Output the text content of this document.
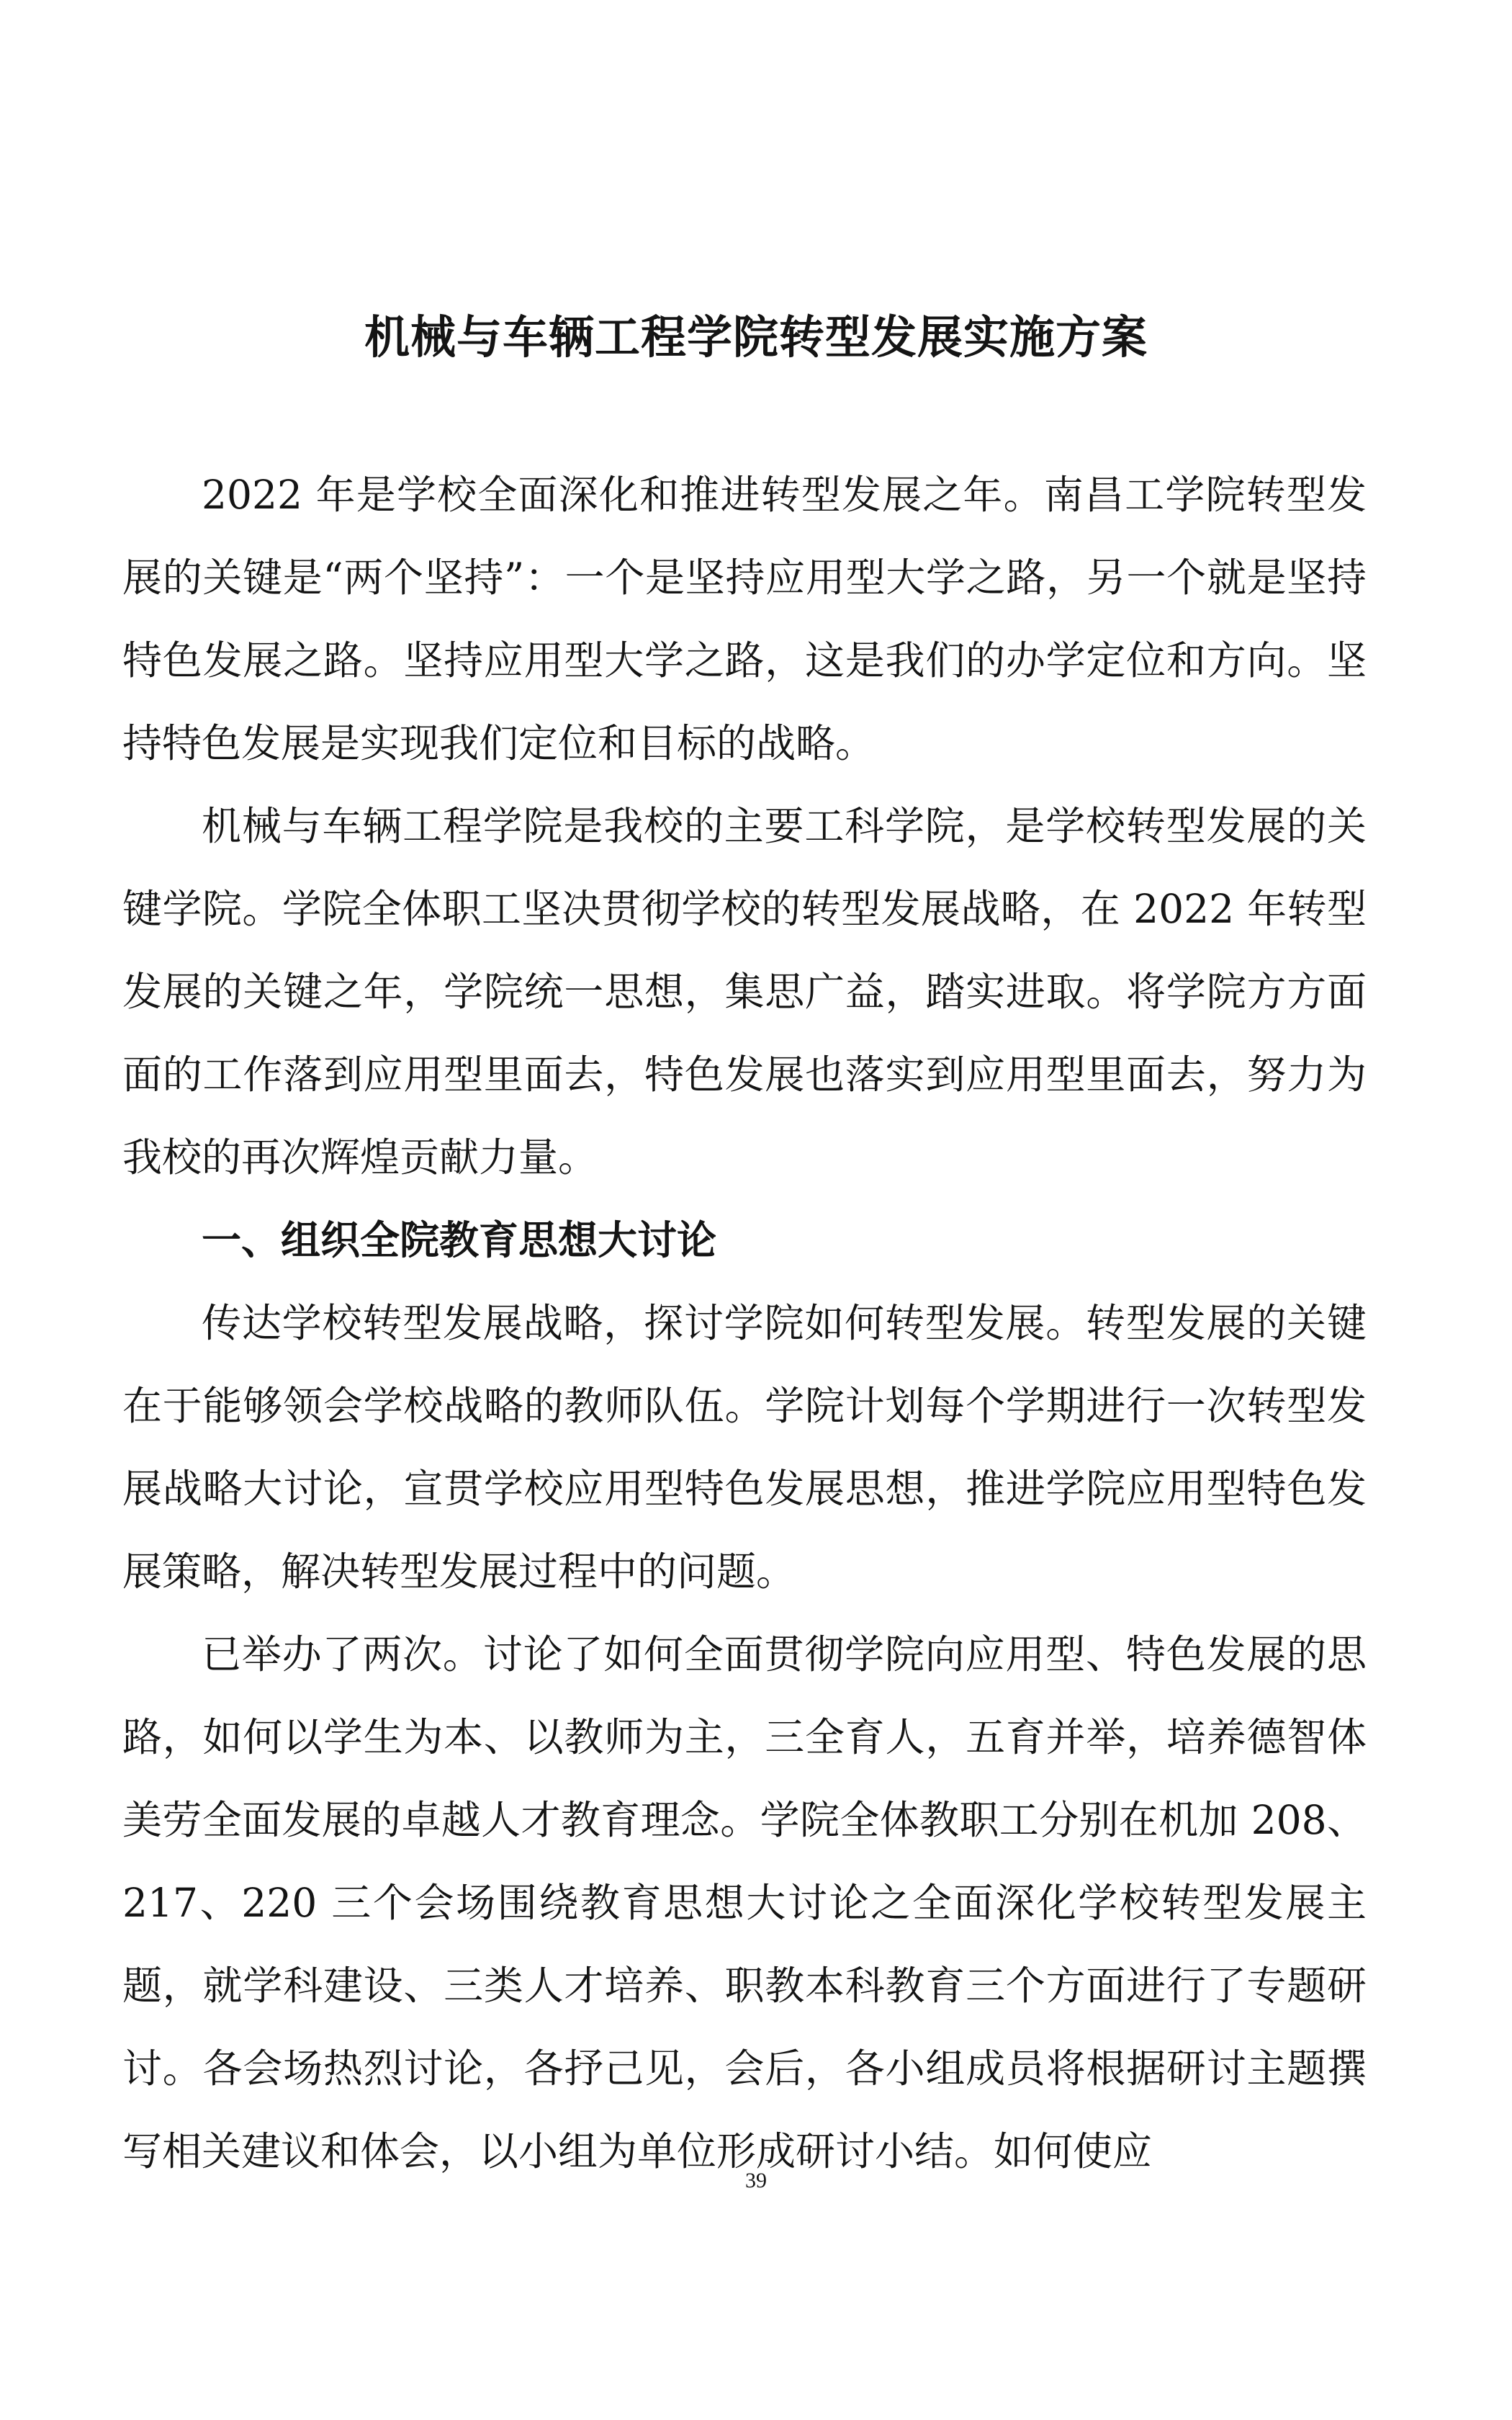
机械与车辆工程学院转型发展实施方案

2022 年是学校全面深化和推进转型发展之年。南昌工学院转型发展的关键是“两个坚持”：一个是坚持应用型大学之路，另一个就是坚持特色发展之路。坚持应用型大学之路，这是我们的办学定位和方向。坚持特色发展是实现我们定位和目标的战略。

机械与车辆工程学院是我校的主要工科学院，是学校转型发展的关键学院。学院全体职工坚决贯彻学校的转型发展战略，在 2022 年转型发展的关键之年，学院统一思想，集思广益，踏实进取。将学院方方面面的工作落到应用型里面去，特色发展也落实到应用型里面去，努力为我校的再次辉煌贡献力量。

一、组织全院教育思想大讨论

传达学校转型发展战略，探讨学院如何转型发展。转型发展的关键在于能够领会学校战略的教师队伍。学院计划每个学期进行一次转型发展战略大讨论，宣贯学校应用型特色发展思想，推进学院应用型特色发展策略，解决转型发展过程中的问题。

已举办了两次。讨论了如何全面贯彻学院向应用型、特色发展的思路，如何以学生为本、以教师为主，三全育人，五育并举，培养德智体美劳全面发展的卓越人才教育理念。学院全体教职工分别在机加 208、217、220 三个会场围绕教育思想大讨论之全面深化学校转型发展主题，就学科建设、三类人才培养、职教本科教育三个方面进行了专题研讨。各会场热烈讨论，各抒己见，会后，各小组成员将根据研讨主题撰写相关建议和体会，以小组为单位形成研讨小结。如何使应

39
